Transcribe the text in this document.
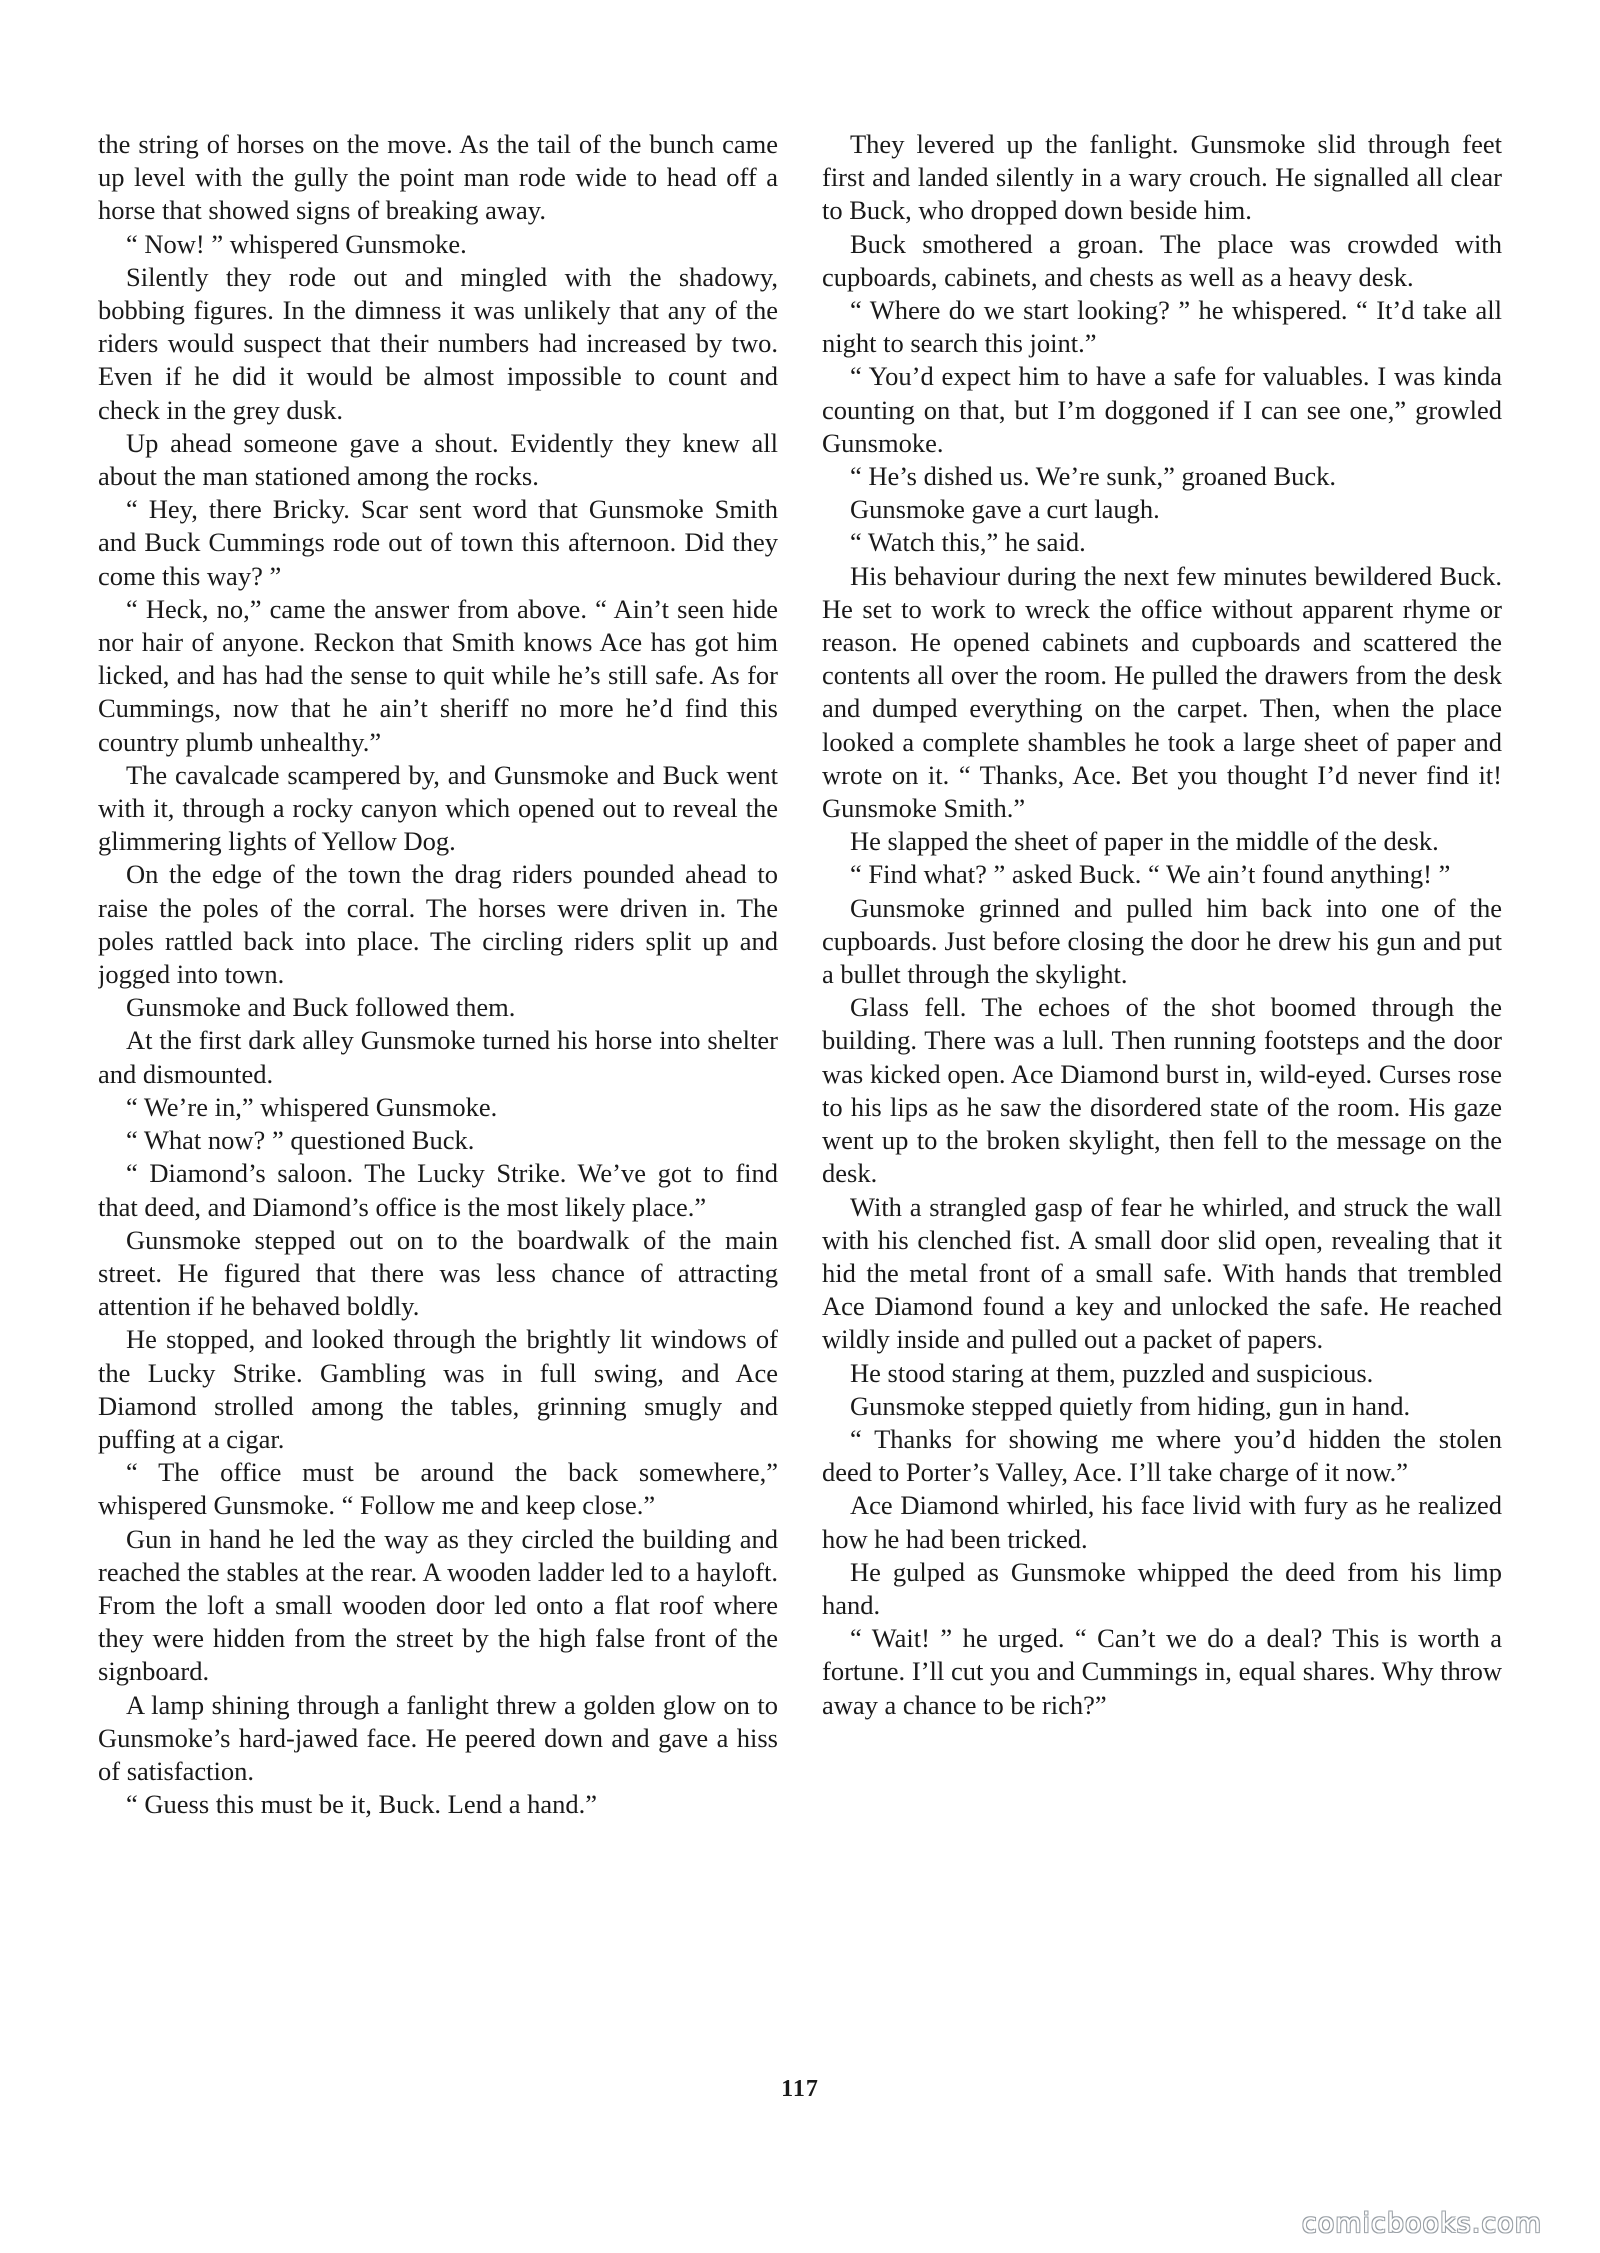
the string of horses on the move. As the tail of the bunch came up level with the gully the point man rode wide to head off a horse that showed signs of breaking away.

“ Now! ” whispered Gunsmoke.

Silently they rode out and mingled with the shadowy, bobbing figures. In the dimness it was unlikely that any of the riders would suspect that their numbers had increased by two. Even if he did it would be almost impossible to count and check in the grey dusk.

Up ahead someone gave a shout. Evidently they knew all about the man stationed among the rocks.

“ Hey, there Bricky. Scar sent word that Gunsmoke Smith and Buck Cummings rode out of town this afternoon. Did they come this way? ”

“ Heck, no,” came the answer from above. “ Ain’t seen hide nor hair of anyone. Reckon that Smith knows Ace has got him licked, and has had the sense to quit while he’s still safe. As for Cummings, now that he ain’t sheriff no more he’d find this country plumb unhealthy.”

The cavalcade scampered by, and Gunsmoke and Buck went with it, through a rocky canyon which opened out to reveal the glimmering lights of Yellow Dog.

On the edge of the town the drag riders pounded ahead to raise the poles of the corral. The horses were driven in. The poles rattled back into place. The circling riders split up and jogged into town.

Gunsmoke and Buck followed them.

At the first dark alley Gunsmoke turned his horse into shelter and dismounted.

“ We’re in,” whispered Gunsmoke.

“ What now? ” questioned Buck.

“ Diamond’s saloon. The Lucky Strike. We’ve got to find that deed, and Diamond’s office is the most likely place.”

Gunsmoke stepped out on to the boardwalk of the main street. He figured that there was less chance of attracting attention if he behaved boldly.

He stopped, and looked through the brightly lit windows of the Lucky Strike. Gambling was in full swing, and Ace Diamond strolled among the tables, grinning smugly and puffing at a cigar.

“ The office must be around the back somewhere,” whispered Gunsmoke. “ Follow me and keep close.”

Gun in hand he led the way as they circled the building and reached the stables at the rear. A wooden ladder led to a hayloft. From the loft a small wooden door led onto a flat roof where they were hidden from the street by the high false front of the signboard.

A lamp shining through a fanlight threw a golden glow on to Gunsmoke’s hard-jawed face. He peered down and gave a hiss of satisfaction.

“ Guess this must be it, Buck. Lend a hand.”

They levered up the fanlight. Gunsmoke slid through feet first and landed silently in a wary crouch. He signalled all clear to Buck, who dropped down beside him.

Buck smothered a groan. The place was crowded with cupboards, cabinets, and chests as well as a heavy desk.

“ Where do we start looking? ” he whispered. “ It’d take all night to search this joint.”

“ You’d expect him to have a safe for valuables. I was kinda counting on that, but I’m doggoned if I can see one,” growled Gunsmoke.

“ He’s dished us. We’re sunk,” groaned Buck.

Gunsmoke gave a curt laugh.

“ Watch this,” he said.

His behaviour during the next few minutes bewildered Buck. He set to work to wreck the office without apparent rhyme or reason. He opened cabinets and cupboards and scattered the contents all over the room. He pulled the drawers from the desk and dumped everything on the carpet. Then, when the place looked a complete shambles he took a large sheet of paper and wrote on it. “ Thanks, Ace. Bet you thought I’d never find it! Gunsmoke Smith.”

He slapped the sheet of paper in the middle of the desk.

“ Find what? ” asked Buck. “ We ain’t found anything! ”

Gunsmoke grinned and pulled him back into one of the cupboards. Just before closing the door he drew his gun and put a bullet through the skylight.

Glass fell. The echoes of the shot boomed through the building. There was a lull. Then running footsteps and the door was kicked open. Ace Diamond burst in, wild-eyed. Curses rose to his lips as he saw the disordered state of the room. His gaze went up to the broken skylight, then fell to the message on the desk.

With a strangled gasp of fear he whirled, and struck the wall with his clenched fist. A small door slid open, revealing that it hid the metal front of a small safe. With hands that trembled Ace Diamond found a key and unlocked the safe. He reached wildly inside and pulled out a packet of papers.

He stood staring at them, puzzled and suspicious.

Gunsmoke stepped quietly from hiding, gun in hand.

“ Thanks for showing me where you’d hidden the stolen deed to Porter’s Valley, Ace. I’ll take charge of it now.”

Ace Diamond whirled, his face livid with fury as he realized how he had been tricked.

He gulped as Gunsmoke whipped the deed from his limp hand.

“ Wait! ” he urged. “ Can’t we do a deal? This is worth a fortune. I’ll cut you and Cummings in, equal shares. Why throw away a chance to be rich?”

117
comicbooks.com
